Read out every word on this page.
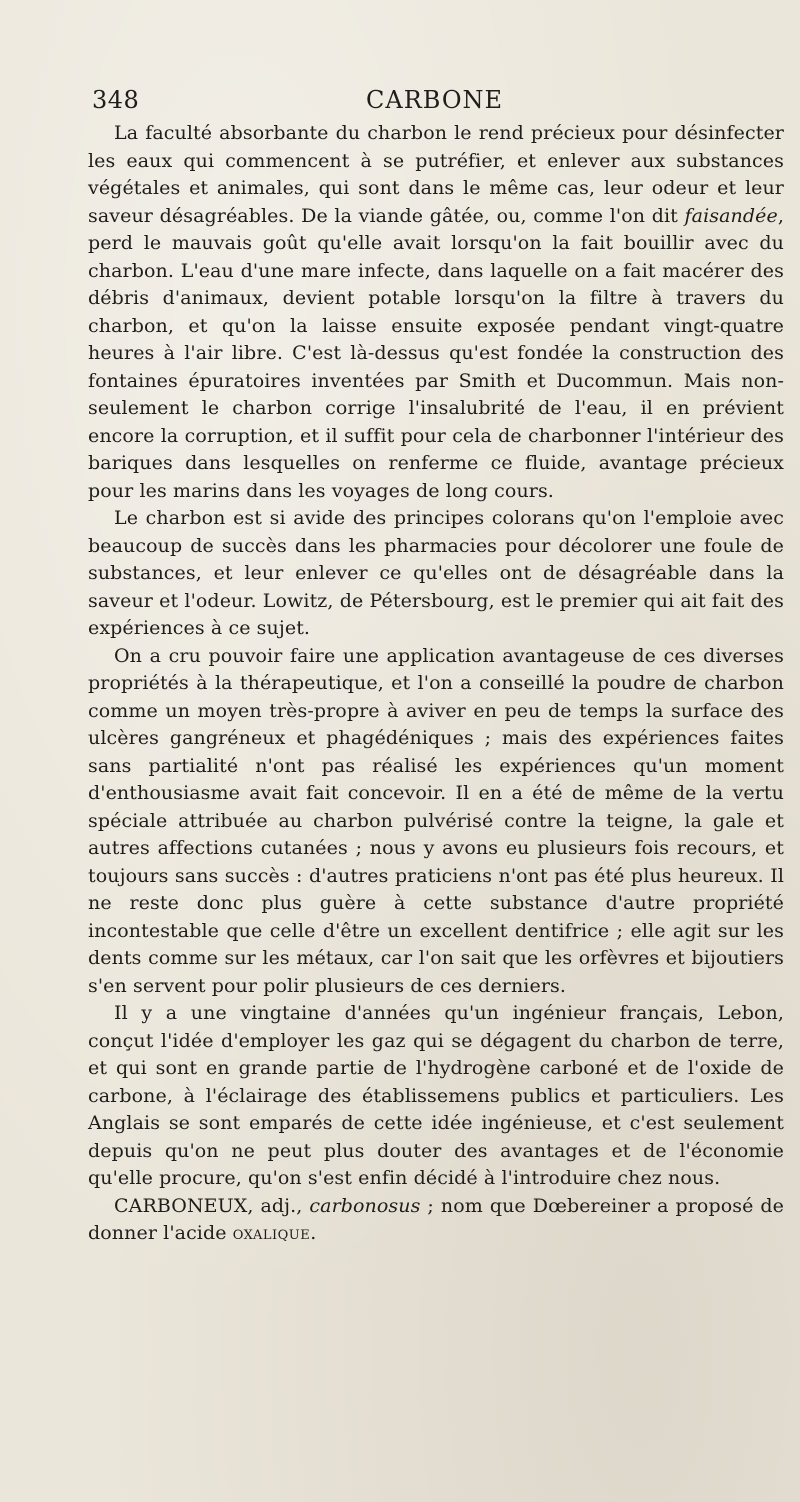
348	CARBONE

La faculté absorbante du charbon le rend précieux pour désinfecter les eaux qui commencent à se putréfier, et enlever aux substances végétales et animales, qui sont dans le même cas, leur odeur et leur saveur désagréables. De la viande gâtée, ou, comme l'on dit faisandée, perd le mauvais goût qu'elle avait lorsqu'on la fait bouillir avec du charbon. L'eau d'une mare infecte, dans laquelle on a fait macérer des débris d'animaux, devient potable lorsqu'on la filtre à travers du charbon, et qu'on la laisse ensuite exposée pendant vingt-quatre heures à l'air libre. C'est là-dessus qu'est fondée la construction des fontaines épuratoires inventées par Smith et Ducommun. Mais non-seulement le charbon corrige l'insalubrité de l'eau, il en prévient encore la corruption, et il suffit pour cela de charbonner l'intérieur des bariques dans lesquelles on renferme ce fluide, avantage précieux pour les marins dans les voyages de long cours.

Le charbon est si avide des principes colorans qu'on l'emploie avec beaucoup de succès dans les pharmacies pour décolorer une foule de substances, et leur enlever ce qu'elles ont de désagréable dans la saveur et l'odeur. Lowitz, de Pétersbourg, est le premier qui ait fait des expériences à ce sujet.

On a cru pouvoir faire une application avantageuse de ces diverses propriétés à la thérapeutique, et l'on a conseillé la poudre de charbon comme un moyen très-propre à aviver en peu de temps la surface des ulcères gangréneux et phagédéniques ; mais des expériences faites sans partialité n'ont pas réalisé les expériences qu'un moment d'enthousiasme avait fait concevoir. Il en a été de même de la vertu spéciale attribuée au charbon pulvérisé contre la teigne, la gale et autres affections cutanées ; nous y avons eu plusieurs fois recours, et toujours sans succès : d'autres praticiens n'ont pas été plus heureux. Il ne reste donc plus guère à cette substance d'autre propriété incontestable que celle d'être un excellent dentifrice ; elle agit sur les dents comme sur les métaux, car l'on sait que les orfèvres et bijoutiers s'en servent pour polir plusieurs de ces derniers.

Il y a une vingtaine d'années qu'un ingénieur français, Lebon, conçut l'idée d'employer les gaz qui se dégagent du charbon de terre, et qui sont en grande partie de l'hydrogène carboné et de l'oxide de carbone, à l'éclairage des établissemens publics et particuliers. Les Anglais se sont emparés de cette idée ingénieuse, et c'est seulement depuis qu'on ne peut plus douter des avantages et de l'économie qu'elle procure, qu'on s'est enfin décidé à l'introduire chez nous.

CARBONEUX, adj., carbonosus ; nom que Dœbereiner a proposé de donner l'acide oxalique.
